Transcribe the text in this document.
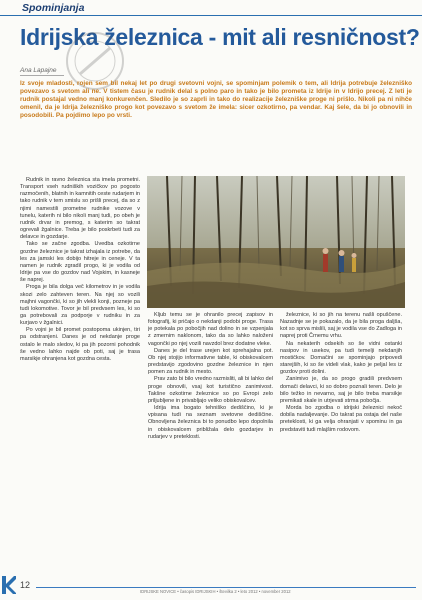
Spominjanja
Idrijska železnica - mit ali resničnost?
Ana Lapajne

Iz svoje mladosti, rojen sem bil nekaj let po drugi svetovni vojni, se spominjam polemik o tem, ali Idrija potrebuje železniško povezavo s svetom ali ne. V tistem času je rudnik delal s polno paro in tako je bilo prometa iz Idrije in v Idrijo precej. Z leti je rudnik postajal vedno manj konkurenčen. Sledilo je so zaprli in tako do realizacije železniške proge ni prišlo. Nikoli pa ni nihče omenil, da je Idrija železniško progo kot povezavo s svetom že imela: sicer ozkotirno, pa vendar. Kaj šele, da bi jo obnovili in posodobili. Pa pojdimo lepo po vrsti.

Rudnik in ravno železnica sta imela prometni. Transport vseh rudniških vozičkov po pogosto razmočenih, blatnih in kamnitih ceste rudarjem in tako rudnik v tem smislu so prišli precej, da so z njimi namestili prometne rudnike vozove v tunelu, katerih ni bilo nikoli manj tudi, po obeh je rudnik drvar in premog, s katerim so takrat ogrevali žgalnice. Treba je bilo poskrbeti tudi za delavce in gozdarje.

Tako se začne zgodba. Uvedba ozkotirne gozdne železnice je takrat izhajala iz potrebe, da les za jamski les dobijo hitreje in ceneje. V ta namen je rudnik zgradil progo, ki je vodila od Idrije pa vse do gozdov nad Vojskim, in kasneje še naprej.

Proga je bila dolga več kilometrov in je vodila skozi zelo zahteven teren. Na njej so vozili majhni vagončki, ki so jih vlekli konji, pozneje pa tudi lokomotive. Tovor je bil predvsem les, ki so ga potrebovali za podporje v rudniku in za kurjavo v žgalnici.

Po vojni je bil promet postopoma ukinjen, tiri pa odstranjeni. Danes je od nekdanje proge ostalo le malo sledov, ki pa jih pozorni pohodnik še vedno lahko najde ob poti, saj je trasa marsikje ohranjena kot gozdna cesta.

Kljub temu se je ohranilo precej zapisov in fotografij, ki pričajo o nekdanji podobi proge. Trasa je potekala po pobočjih nad dolino in se vzpenjala z zmernim naklonom, tako da so lahko naloženi vagončki po njej vozili navzdol brez dodatne vleke.

Danes je del trase urejen kot sprehajalna pot. Ob njej stojijo informativne table, ki obiskovalcem predstavijo zgodovino gozdne železnice in njen pomen za rudnik in mesto.

Prav zato bi bilo vredno razmisliti, ali bi lahko del proge obnovili, vsaj kot turistično zanimivost. Takšne ozkotirne železnice so po Evropi zelo priljubljene in privabljajo veliko obiskovalcev.

Idrija ima bogato tehniško dediščino, ki je vpisana tudi na seznam svetovne dediščine. Obnovljena železnica bi to ponudbo lepo dopolnila in obiskovalcem približala delo gozdarjev in rudarjev v preteklosti.

železnice, ki so jih na terenu našli opuščene. Nazadnje se je pokazalo, da je bila proga daljša, kot so sprva mislili, saj je vodila vse do Zadloga in naprej proti Črnemu vrhu.

Na nekaterih odsekih so še vidni ostanki nasipov in usekov, pa tudi temelji nekdanjih mostičkov. Domačini se spominjajo pripovedi starejših, ki so še videli vlak, kako je peljal les iz gozdov proti dolini.

Zanimivo je, da so progo gradili predvsem domači delavci, ki so dobro poznali teren. Delo je bilo težko in nevarno, saj je bilo treba marsikje premikati skale in utrjevati strma pobočja.

Morda bo zgodba o idrijski železnici nekoč dobila nadaljevanje. Do takrat pa ostaja del naše preteklosti, ki ga velja ohranjati v spominu in ga predstaviti tudi mlajšim rodovom.

12
IDRIJSKE NOVICE • časopis IDRIJSKIH • številka 2 • leto 2012 • november 2012
